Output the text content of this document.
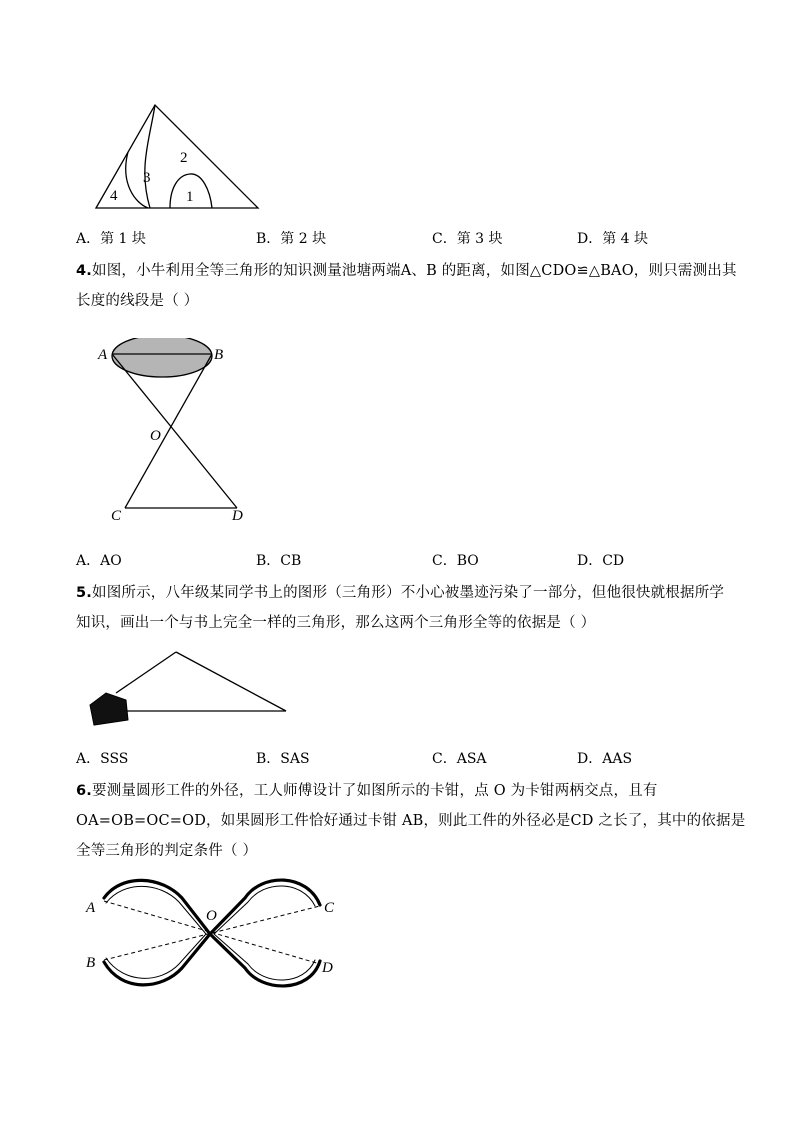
2
3
4	1
A．第 1 块	B．第 2 块	C．第 3 块	D．第 4 块
4.如图，小牛利用全等三角形的知识测量池塘两端A、B 的距离，如图△CDO≌△BAO，则只需测出其
长度的线段是（ ）
A	B
O
C	D
A．AO	B．CB	C．BO	D．CD
5.如图所示，八年级某同学书上的图形（三角形）不小心被墨迹污染了一部分，但他很快就根据所学
知识，画出一个与书上完全一样的三角形，那么这两个三角形全等的依据是（ ）
A．SSS	B．SAS	C．ASA	D．AAS
6.要测量圆形工件的外径，工人师傅设计了如图所示的卡钳，点 O 为卡钳两柄交点，且有
OA=OB=OC=OD，如果圆形工件恰好通过卡钳 AB，则此工件的外径必是CD 之长了，其中的依据是
全等三角形的判定条件（ ）
A	O	C
B	D
